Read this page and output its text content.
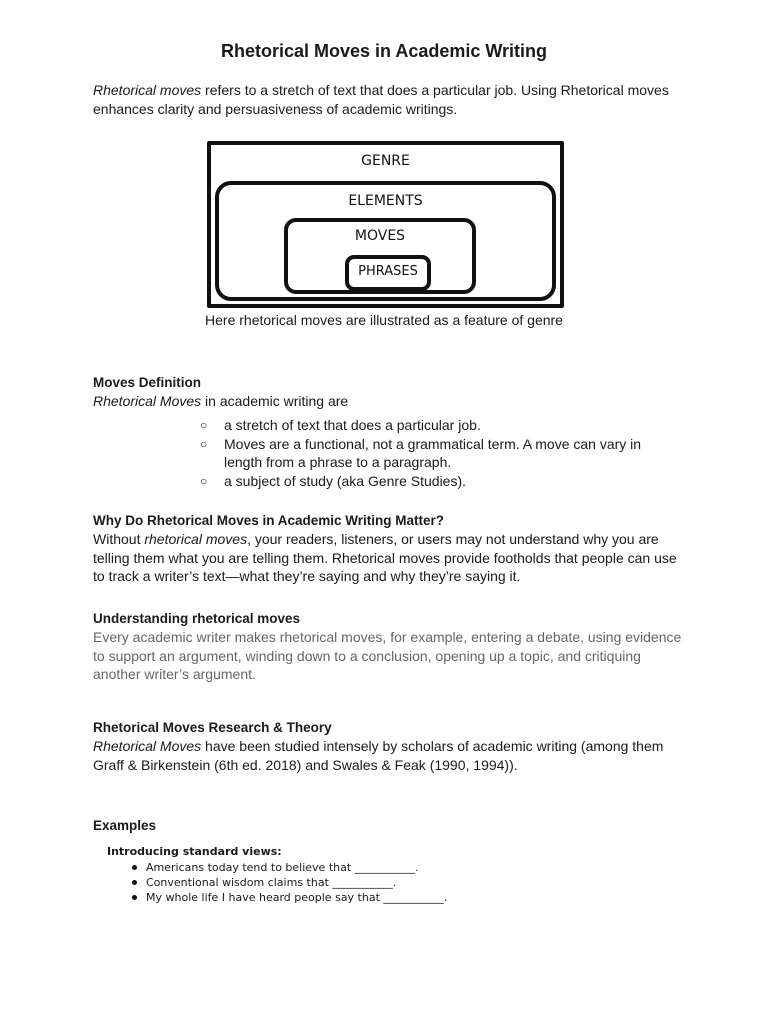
Rhetorical Moves in Academic Writing
Rhetorical moves refers to a stretch of text that does a particular job. Using Rhetorical moves enhances clarity and persuasiveness of academic writings.
GENRE
ELEMENTS
MOVES
PHRASES
Here rhetorical moves are illustrated as a feature of genre
Moves Definition
Rhetorical Moves in academic writing are
○ a stretch of text that does a particular job.
○ Moves are a functional, not a grammatical term. A move can vary in length from a phrase to a paragraph.
○ a subject of study (aka Genre Studies).
Why Do Rhetorical Moves in Academic Writing Matter?
Without rhetorical moves, your readers, listeners, or users may not understand why you are telling them what you are telling them. Rhetorical moves provide footholds that people can use to track a writer’s text—what they’re saying and why they’re saying it.
Understanding rhetorical moves
Every academic writer makes rhetorical moves, for example, entering a debate, using evidence to support an argument, winding down to a conclusion, opening up a topic, and critiquing another writer’s argument.
Rhetorical Moves Research & Theory
Rhetorical Moves have been studied intensely by scholars of academic writing (among them Graff & Birkenstein (6th ed. 2018) and Swales & Feak (1990, 1994)).
Examples
Introducing standard views:
Americans today tend to believe that ___________.
Conventional wisdom claims that ___________.
My whole life I have heard people say that ___________.
